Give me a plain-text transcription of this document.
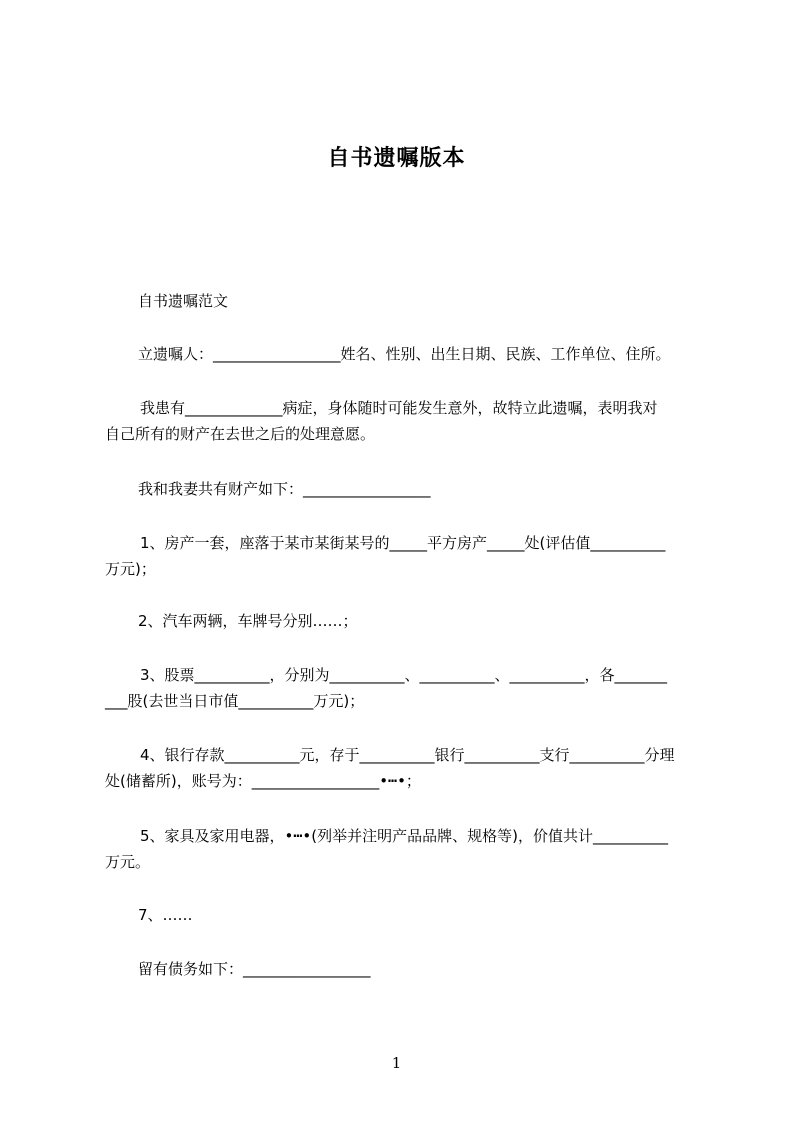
自书遗嘱版本
自书遗嘱范文
立遗嘱人：_________________姓名、性别、出生日期、民族、工作单位、住所。
我患有_____________病症，身体随时可能发生意外，故特立此遗嘱，表明我对
自己所有的财产在去世之后的处理意愿。
我和我妻共有财产如下：_________________
1、房产一套，座落于某市某街某号的_____平方房产_____处(评估值__________
万元)；
2、汽车两辆，车牌号分别……；
3、股票__________，分别为__________、__________、__________，各_______
___股(去世当日市值__________万元)；
4、银行存款__________元，存于__________银行__________支行__________分理
处(储蓄所)，账号为：_________________•┅•；
5、家具及家用电器，•┅•(列举并注明产品品牌、规格等)，价值共计__________
万元。
7、……
留有债务如下：_________________
1
